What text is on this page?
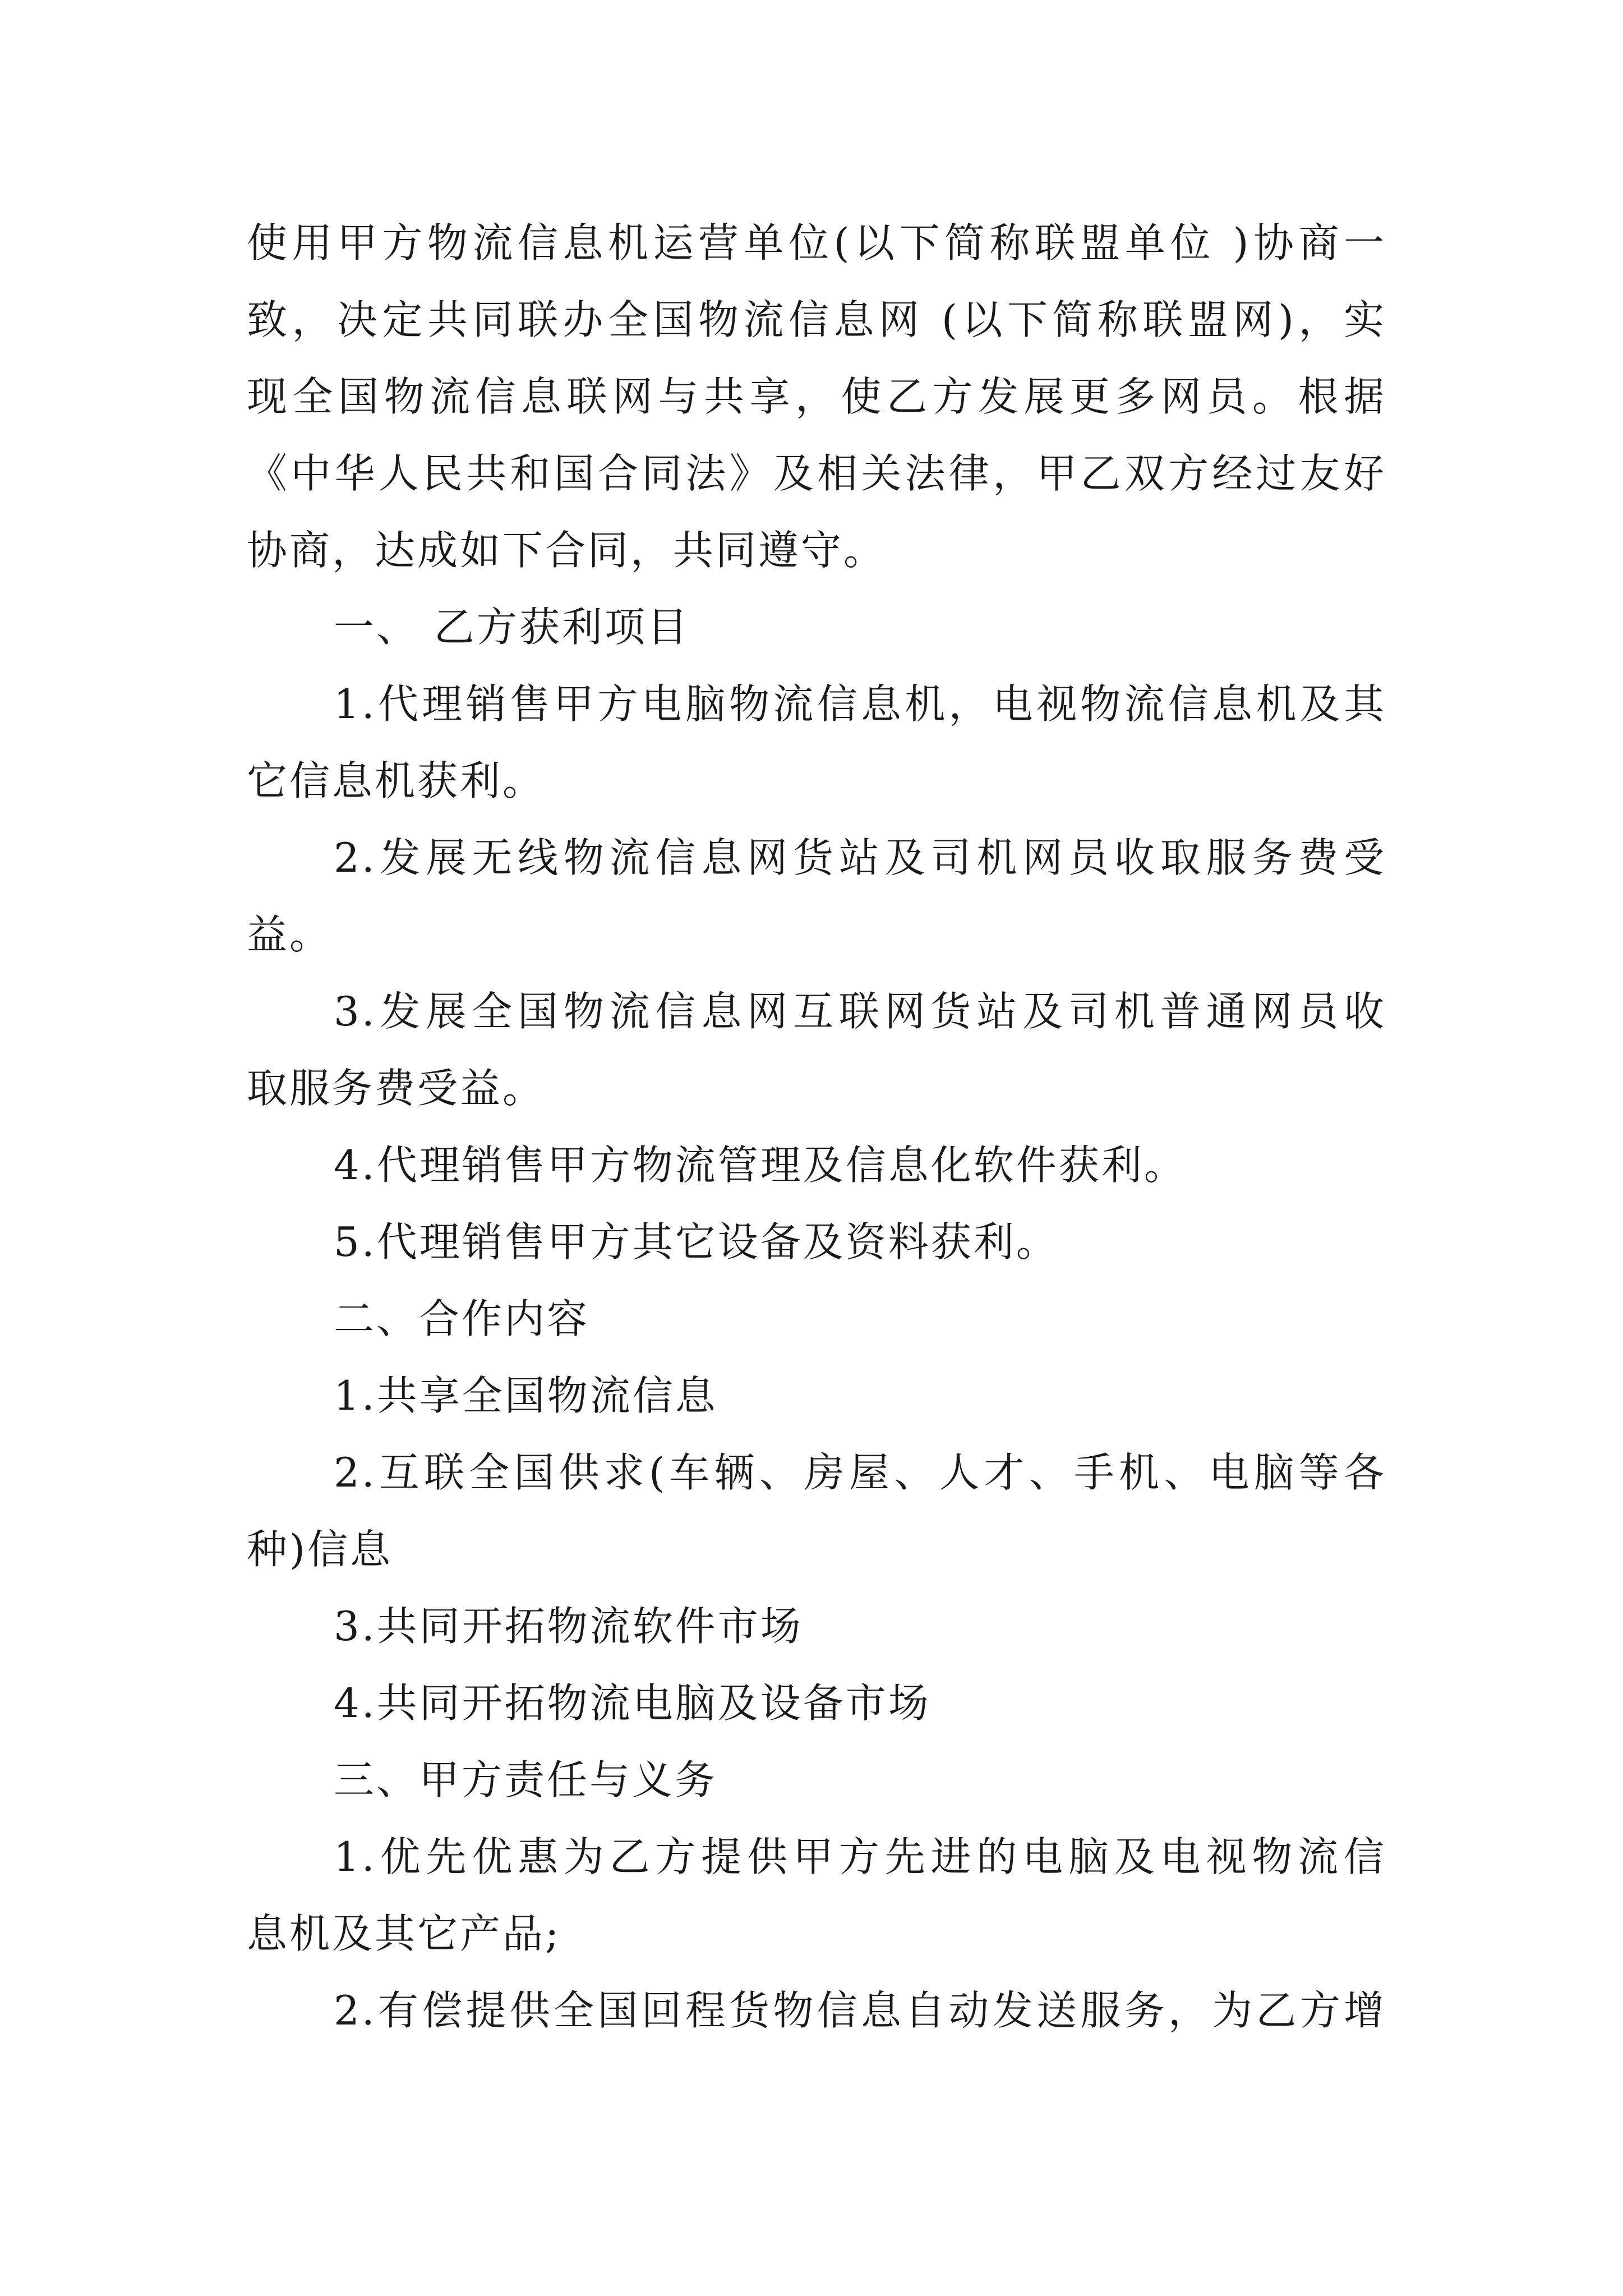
使用甲方物流信息机运营单位(以下简称联盟单位 )协商一
致，决定共同联办全国物流信息网 (以下简称联盟网)，实
现全国物流信息联网与共享，使乙方发展更多网员。根据
《中华人民共和国合同法》及相关法律，甲乙双方经过友好
协商，达成如下合同，共同遵守。
一、 乙方获利项目
1.代理销售甲方电脑物流信息机，电视物流信息机及其
它信息机获利。
2.发展无线物流信息网货站及司机网员收取服务费受
益。
3.发展全国物流信息网互联网货站及司机普通网员收
取服务费受益。
4.代理销售甲方物流管理及信息化软件获利。
5.代理销售甲方其它设备及资料获利。
二、合作内容
1.共享全国物流信息
2.互联全国供求(车辆、房屋、人才、手机、电脑等各
种)信息
3.共同开拓物流软件市场
4.共同开拓物流电脑及设备市场
三、甲方责任与义务
1.优先优惠为乙方提供甲方先进的电脑及电视物流信
息机及其它产品;
2.有偿提供全国回程货物信息自动发送服务，为乙方增
